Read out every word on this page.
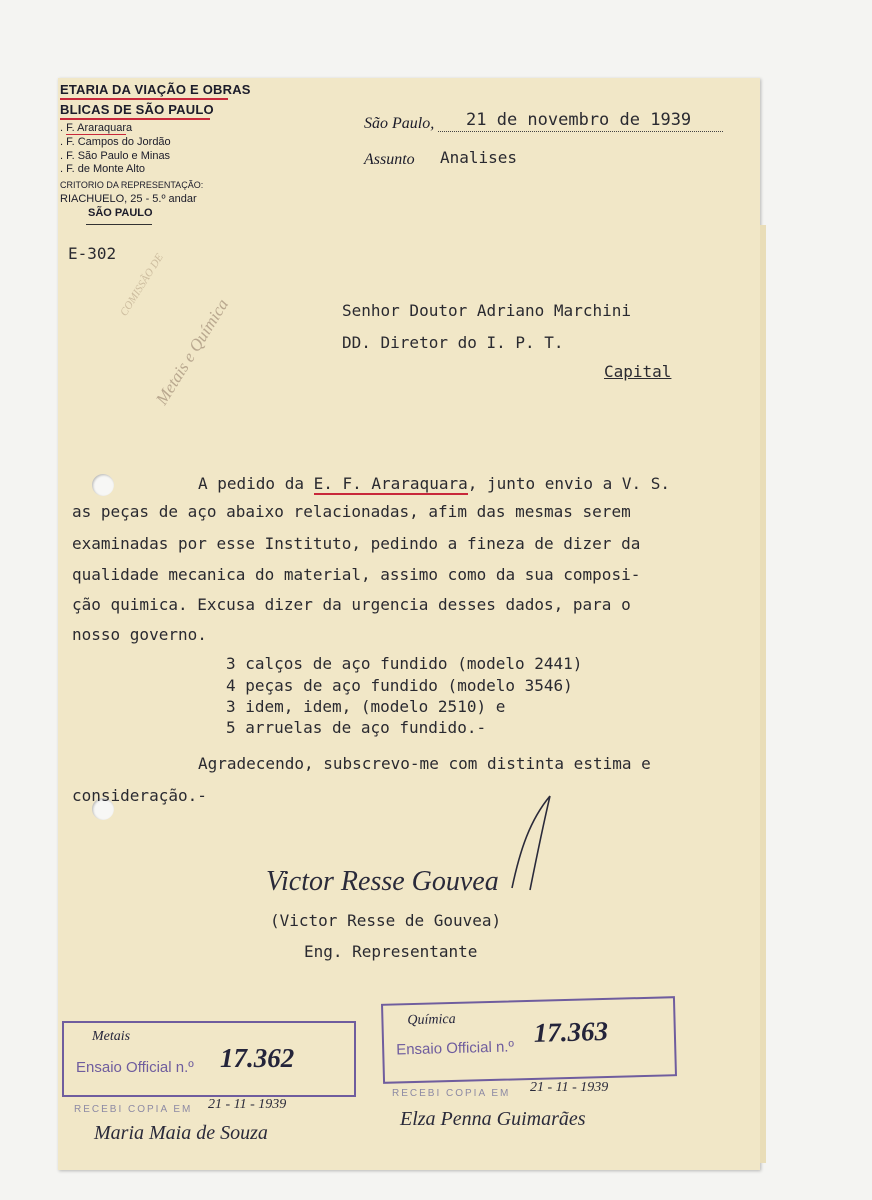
ETARIA DA VIAÇÃO E OBRAS
BLICAS DE SÃO PAULO
. F. Araraquara
. F. Campos do Jordão
. F. São Paulo e Minas
. F. de Monte Alto
CRITORIO DA REPRESENTAÇÃO:
RIACHUELO, 25 - 5.º andar
SÃO PAULO
São Paulo, 21 de novembro de 1939
Assunto Analises
E-302 COMISSÃO DE
Metais e Química	Senhor Doutor Adriano Marchini
DD. Diretor do I. P. T.
Capital
A pedido da E. F. Araraquara, junto envio a V. S.
as peças de aço abaixo relacionadas, afim das mesmas serem
examinadas por esse Instituto, pedindo a fineza de dizer da
qualidade mecanica do material, assimo como da sua composi-
ção quimica. Excusa dizer da urgencia desses dados, para o
nosso governo.
3 calços de aço fundido (modelo 2441)
4 peças de aço fundido (modelo 3546)
3 idem, idem, (modelo 2510) e
5 arruelas de aço fundido.-
Agradecendo, subscrevo-me com distinta estima e
consideração.-
Victor Resse Gouvea
(Victor Resse de Gouvea)
Eng. Representante
Metais
Ensaio Official n.º 17.362
RECEBI COPIA EM 21 - 11 - 1939
Maria Maia de Souza
Química
Ensaio Official n.º
17.363
RECEBI COPIA EM 21 - 11 - 1939
Elza Penna Guimarães
